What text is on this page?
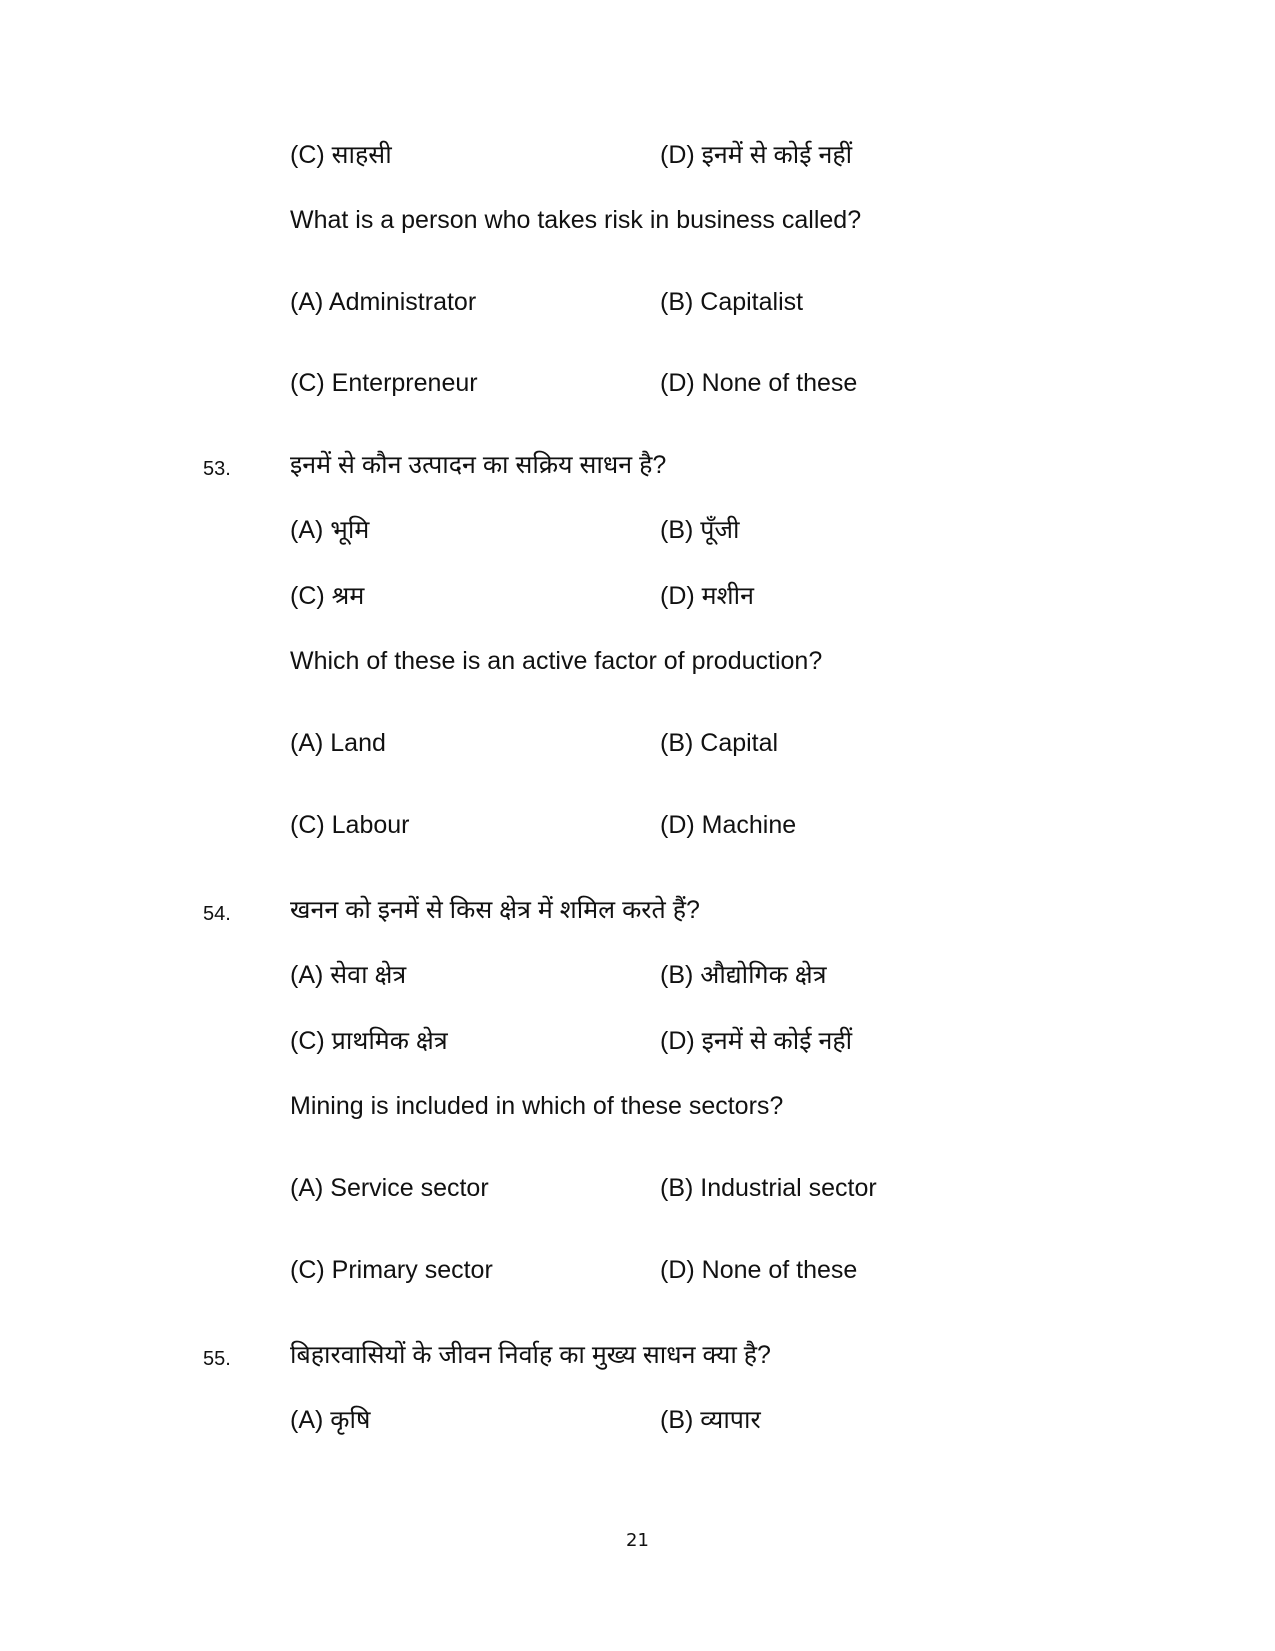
(C) साहसी	(D) इनमें से कोई नहीं
What is a person who takes risk in business called?
(A) Administrator	(B) Capitalist
(C) Enterpreneur	(D) None of these
53. इनमें से कौन उत्पादन का सक्रिय साधन है?
(A) भूमि	(B) पूँजी
(C) श्रम	(D) मशीन
Which of these is an active factor of production?
(A) Land	(B) Capital
(C) Labour	(D) Machine
54. खनन को इनमें से किस क्षेत्र में शमिल करते हैं?
(A) सेवा क्षेत्र	(B) औद्योगिक क्षेत्र
(C) प्राथमिक क्षेत्र	(D) इनमें से कोई नहीं
Mining is included in which of these sectors?
(A) Service sector	(B) Industrial sector
(C) Primary sector	(D) None of these
55. बिहारवासियों के जीवन निर्वाह का मुख्य साधन क्या है?
(A) कृषि	(B) व्यापार
21
